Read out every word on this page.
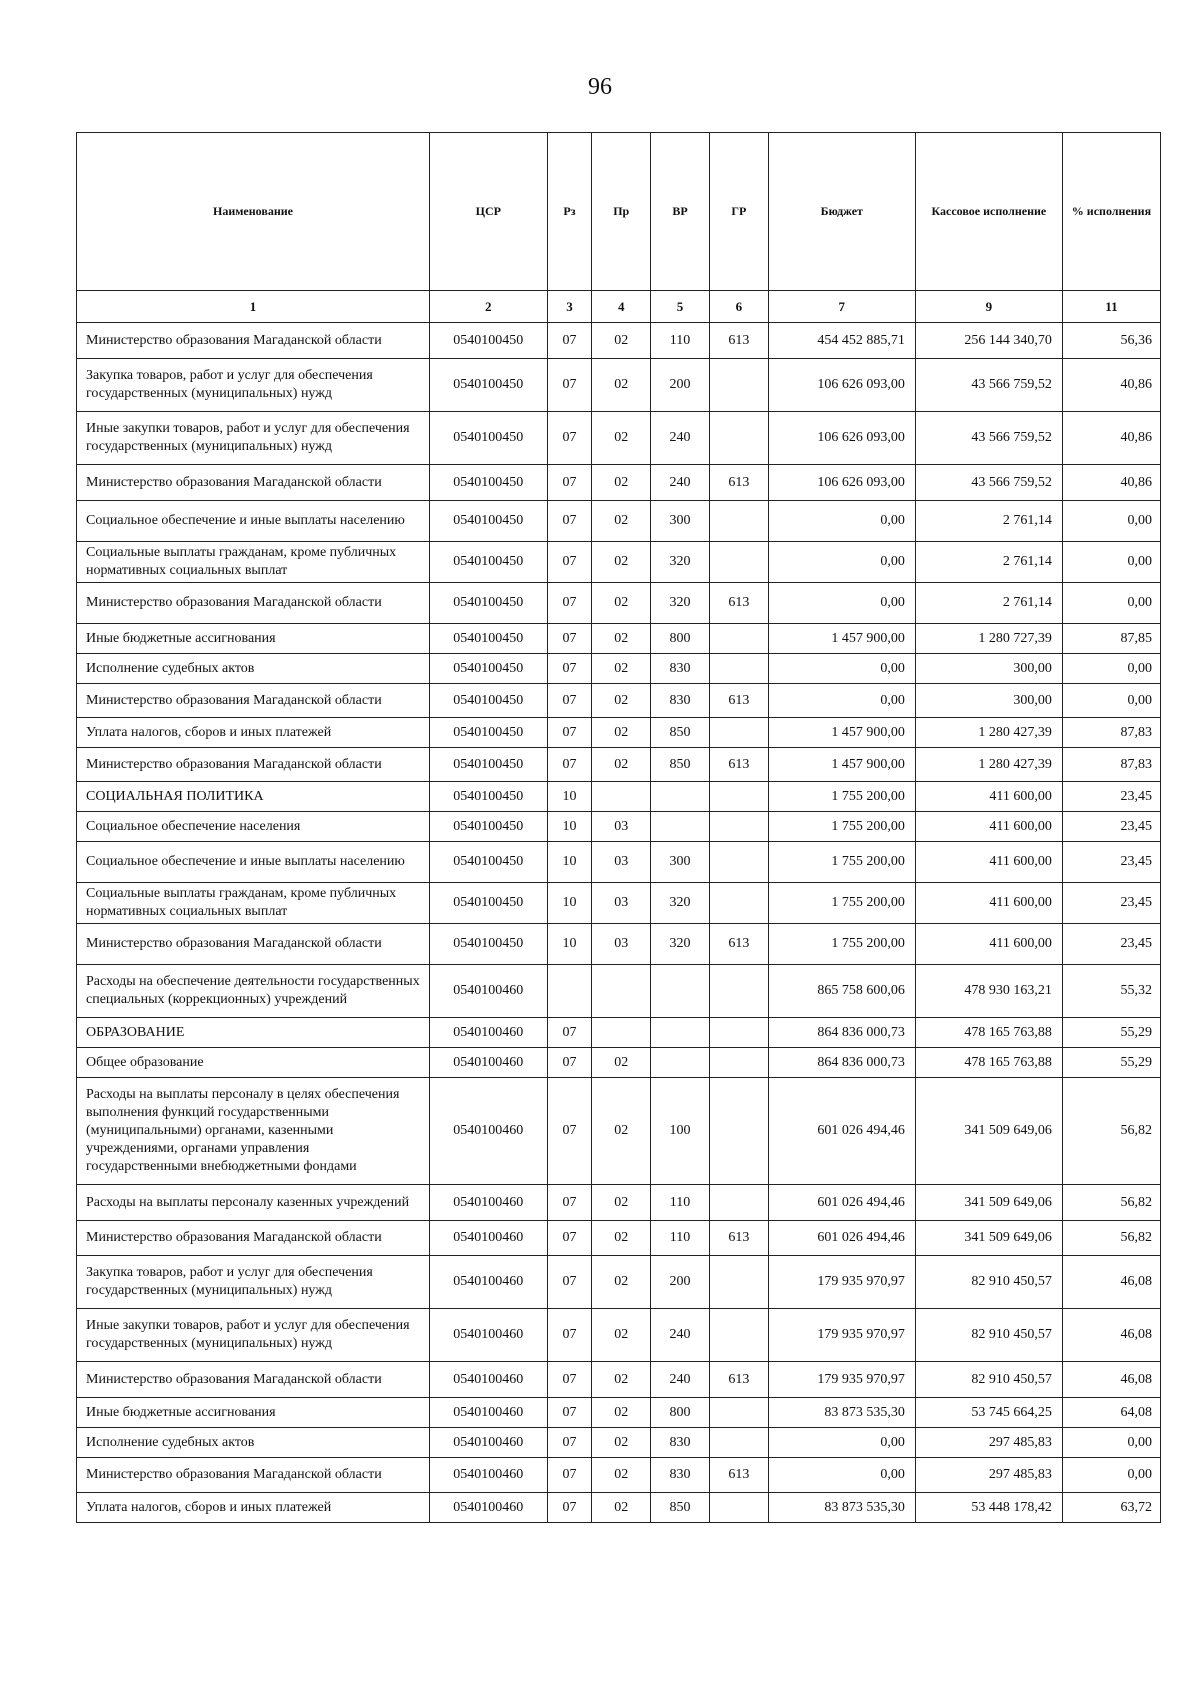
96
Наименование	ЦСР	Рз	Пр	ВР	ГР	Бюджет	Кассовое исполнение	% исполнения
1	2	3	4	5	6	7	9	11
Министерство образования Магаданской области	0540100450	07	02	110	613	454 452 885,71	256 144 340,70	56,36
Закупка товаров, работ и услуг для обеспечения государственных (муниципальных) нужд	0540100450	07	02	200		106 626 093,00	43 566 759,52	40,86
Иные закупки товаров, работ и услуг для обеспечения государственных (муниципальных) нужд	0540100450	07	02	240		106 626 093,00	43 566 759,52	40,86
Министерство образования Магаданской области	0540100450	07	02	240	613	106 626 093,00	43 566 759,52	40,86
Социальное обеспечение и иные выплаты населению	0540100450	07	02	300		0,00	2 761,14	0,00
Социальные выплаты гражданам, кроме публичных нормативных социальных выплат	0540100450	07	02	320		0,00	2 761,14	0,00
Министерство образования Магаданской области	0540100450	07	02	320	613	0,00	2 761,14	0,00
Иные бюджетные ассигнования	0540100450	07	02	800		1 457 900,00	1 280 727,39	87,85
Исполнение судебных актов	0540100450	07	02	830		0,00	300,00	0,00
Министерство образования Магаданской области	0540100450	07	02	830	613	0,00	300,00	0,00
Уплата налогов, сборов и иных платежей	0540100450	07	02	850		1 457 900,00	1 280 427,39	87,83
Министерство образования Магаданской области	0540100450	07	02	850	613	1 457 900,00	1 280 427,39	87,83
СОЦИАЛЬНАЯ ПОЛИТИКА	0540100450	10				1 755 200,00	411 600,00	23,45
Социальное обеспечение населения	0540100450	10	03			1 755 200,00	411 600,00	23,45
Социальное обеспечение и иные выплаты населению	0540100450	10	03	300		1 755 200,00	411 600,00	23,45
Социальные выплаты гражданам, кроме публичных нормативных социальных выплат	0540100450	10	03	320		1 755 200,00	411 600,00	23,45
Министерство образования Магаданской области	0540100450	10	03	320	613	1 755 200,00	411 600,00	23,45
Расходы на обеспечение деятельности государственных специальных (коррекционных) учреждений	0540100460					865 758 600,06	478 930 163,21	55,32
ОБРАЗОВАНИЕ	0540100460	07				864 836 000,73	478 165 763,88	55,29
Общее образование	0540100460	07	02			864 836 000,73	478 165 763,88	55,29
Расходы на выплаты персоналу в целях обеспечения выполнения функций государственными (муниципальными) органами, казенными учреждениями, органами управления государственными внебюджетными фондами	0540100460	07	02	100		601 026 494,46	341 509 649,06	56,82
Расходы на выплаты персоналу казенных учреждений	0540100460	07	02	110		601 026 494,46	341 509 649,06	56,82
Министерство образования Магаданской области	0540100460	07	02	110	613	601 026 494,46	341 509 649,06	56,82
Закупка товаров, работ и услуг для обеспечения государственных (муниципальных) нужд	0540100460	07	02	200		179 935 970,97	82 910 450,57	46,08
Иные закупки товаров, работ и услуг для обеспечения государственных (муниципальных) нужд	0540100460	07	02	240		179 935 970,97	82 910 450,57	46,08
Министерство образования Магаданской области	0540100460	07	02	240	613	179 935 970,97	82 910 450,57	46,08
Иные бюджетные ассигнования	0540100460	07	02	800		83 873 535,30	53 745 664,25	64,08
Исполнение судебных актов	0540100460	07	02	830		0,00	297 485,83	0,00
Министерство образования Магаданской области	0540100460	07	02	830	613	0,00	297 485,83	0,00
Уплата налогов, сборов и иных платежей	0540100460	07	02	850		83 873 535,30	53 448 178,42	63,72
